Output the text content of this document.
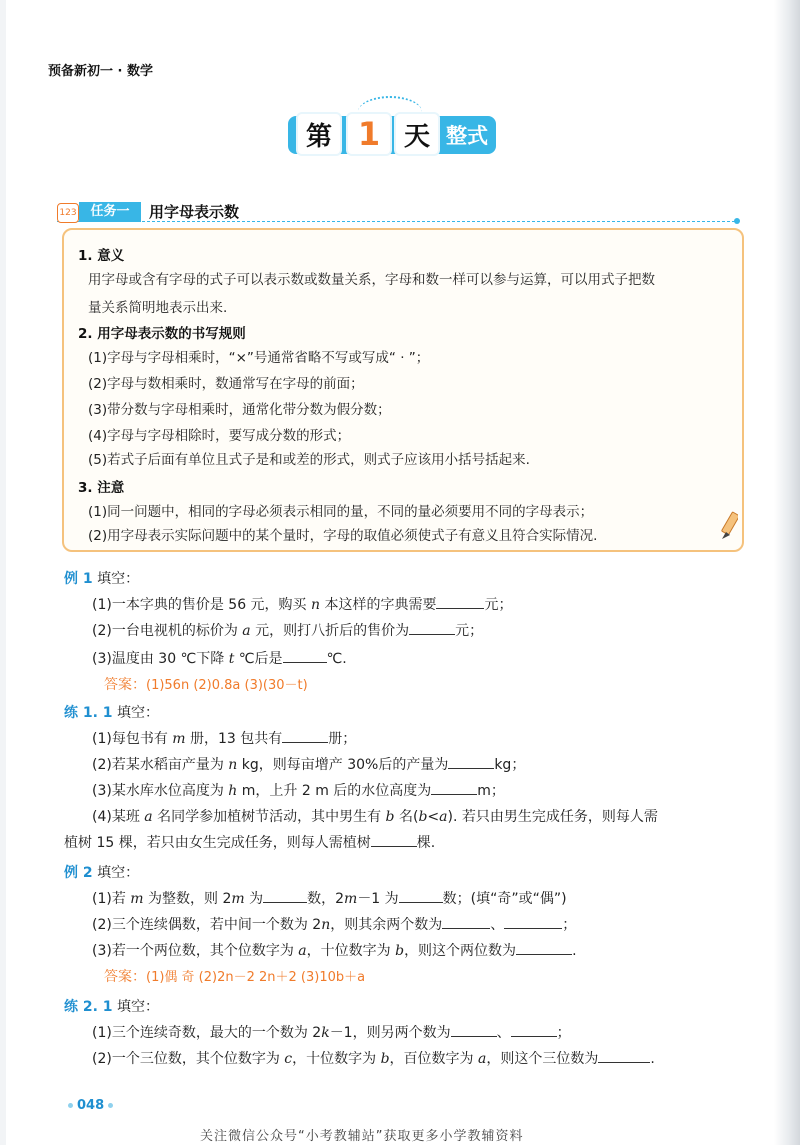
预备新初一 · 数学
第 1 天 整式
123	任务一	用字母表示数
1. 意义
用字母或含有字母的式子可以表示数或数量关系，字母和数一样可以参与运算，可以用式子把数
量关系简明地表示出来.
2. 用字母表示数的书写规则
(1)字母与字母相乘时，“×”号通常省略不写或写成“ · ”；
(2)字母与数相乘时，数通常写在字母的前面；
(3)带分数与字母相乘时，通常化带分数为假分数；
(4)字母与字母相除时，要写成分数的形式；
(5)若式子后面有单位且式子是和或差的形式，则式子应该用小括号括起来.
3. 注意
(1)同一问题中，相同的字母必须表示相同的量，不同的量必须要用不同的字母表示；
(2)用字母表示实际问题中的某个量时，字母的取值必须使式子有意义且符合实际情况.
例 1 填空：
(1)一本字典的售价是 56 元，购买 n 本这样的字典需要	元；
(2)一台电视机的标价为 a 元，则打八折后的售价为	元；
(3)温度由 30 ℃下降 t ℃后是	℃.
答案：(1)56n (2)0.8a (3)(30－t)
练 1. 1 填空：
(1)每包书有 m 册，13 包共有	册；
(2)若某水稻亩产量为 n kg，则每亩增产 30%后的产量为	kg；
(3)某水库水位高度为 h m，上升 2 m 后的水位高度为	m；
(4)某班 a 名同学参加植树节活动，其中男生有 b 名(b<a). 若只由男生完成任务，则每人需
植树 15 棵，若只由女生完成任务，则每人需植树	棵.
例 2 填空：
(1)若 m 为整数，则 2m 为	数，2m－1 为	数；(填“奇”或“偶”)
(2)三个连续偶数，若中间一个数为 2n，则其余两个数为	、	；
(3)若一个两位数，其个位数字为 a，十位数字为 b，则这个两位数为	.
答案：(1)偶 奇 (2)2n－2 2n＋2 (3)10b＋a
练 2. 1 填空：
(1)三个连续奇数，最大的一个数为 2k－1，则另两个数为	、	；
(2)一个三位数，其个位数字为 c，十位数字为 b，百位数字为 a，则这个三位数为	.
048
关注微信公众号“小考教辅站”获取更多小学教辅资料
